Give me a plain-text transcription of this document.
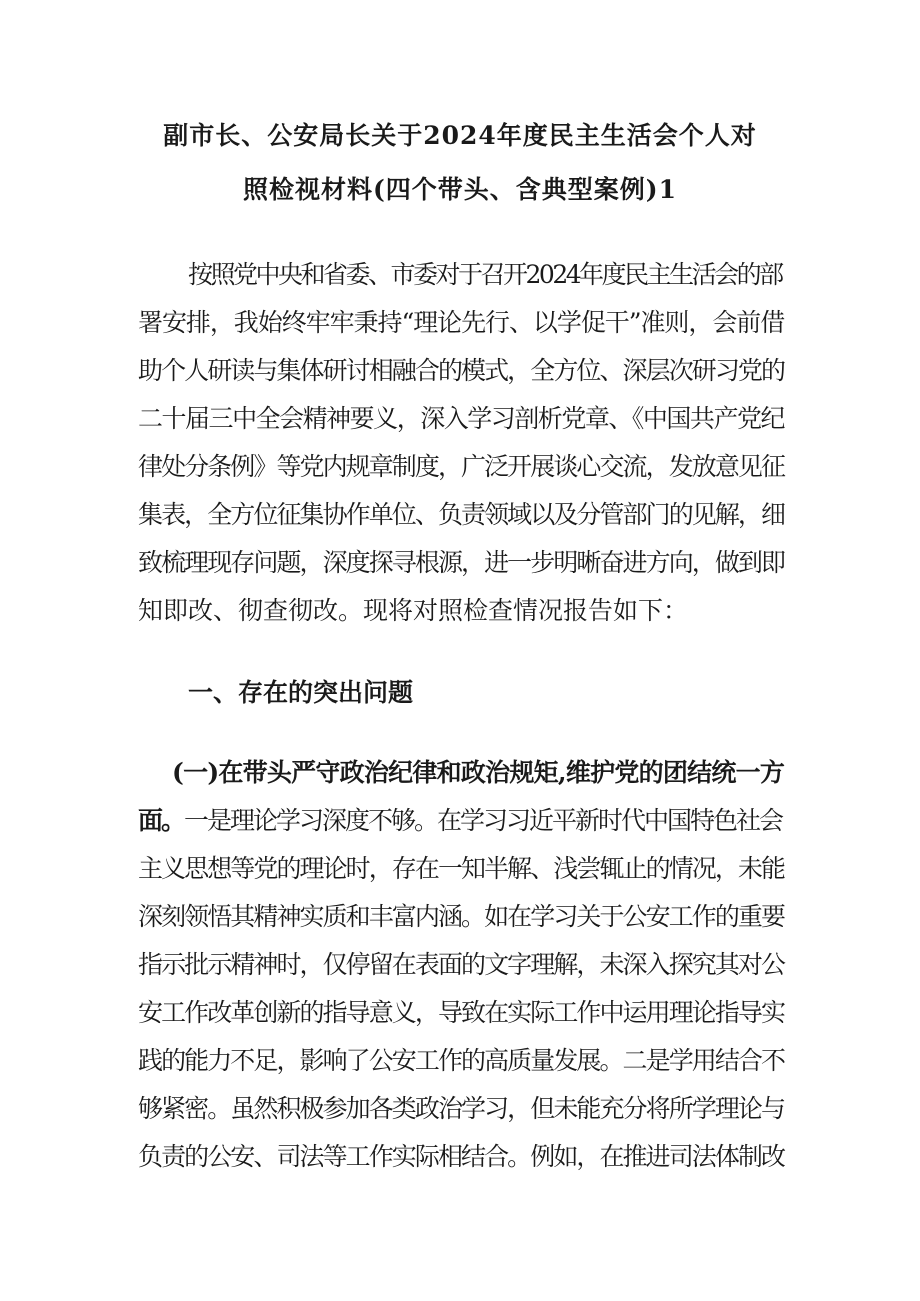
副市长、公安局长关于2024年度民主生活会个人对

照检视材料(四个带头、含典型案例)1

按照党中央和省委、市委对于召开2024年度民主生活会的部

署安排，我始终牢牢秉持“理论先行、以学促干”准则，会前借

助个人研读与集体研讨相融合的模式，全方位、深层次研习党的

二十届三中全会精神要义，深入学习剖析党章、《中国共产党纪

律处分条例》等党内规章制度，广泛开展谈心交流，发放意见征

集表，全方位征集协作单位、负责领域以及分管部门的见解，细

致梳理现存问题，深度探寻根源，进一步明晰奋进方向，做到即

知即改、彻查彻改。现将对照检查情况报告如下：

一、存在的突出问题

(一)在带头严守政治纪律和政治规矩,维护党的团结统一方

面。一是理论学习深度不够。在学习习近平新时代中国特色社会

主义思想等党的理论时，存在一知半解、浅尝辄止的情况，未能

深刻领悟其精神实质和丰富内涵。如在学习关于公安工作的重要

指示批示精神时，仅停留在表面的文字理解，未深入探究其对公

安工作改革创新的指导意义，导致在实际工作中运用理论指导实

践的能力不足，影响了公安工作的高质量发展。二是学用结合不

够紧密。虽然积极参加各类政治学习，但未能充分将所学理论与

负责的公安、司法等工作实际相结合。例如，在推进司法体制改
